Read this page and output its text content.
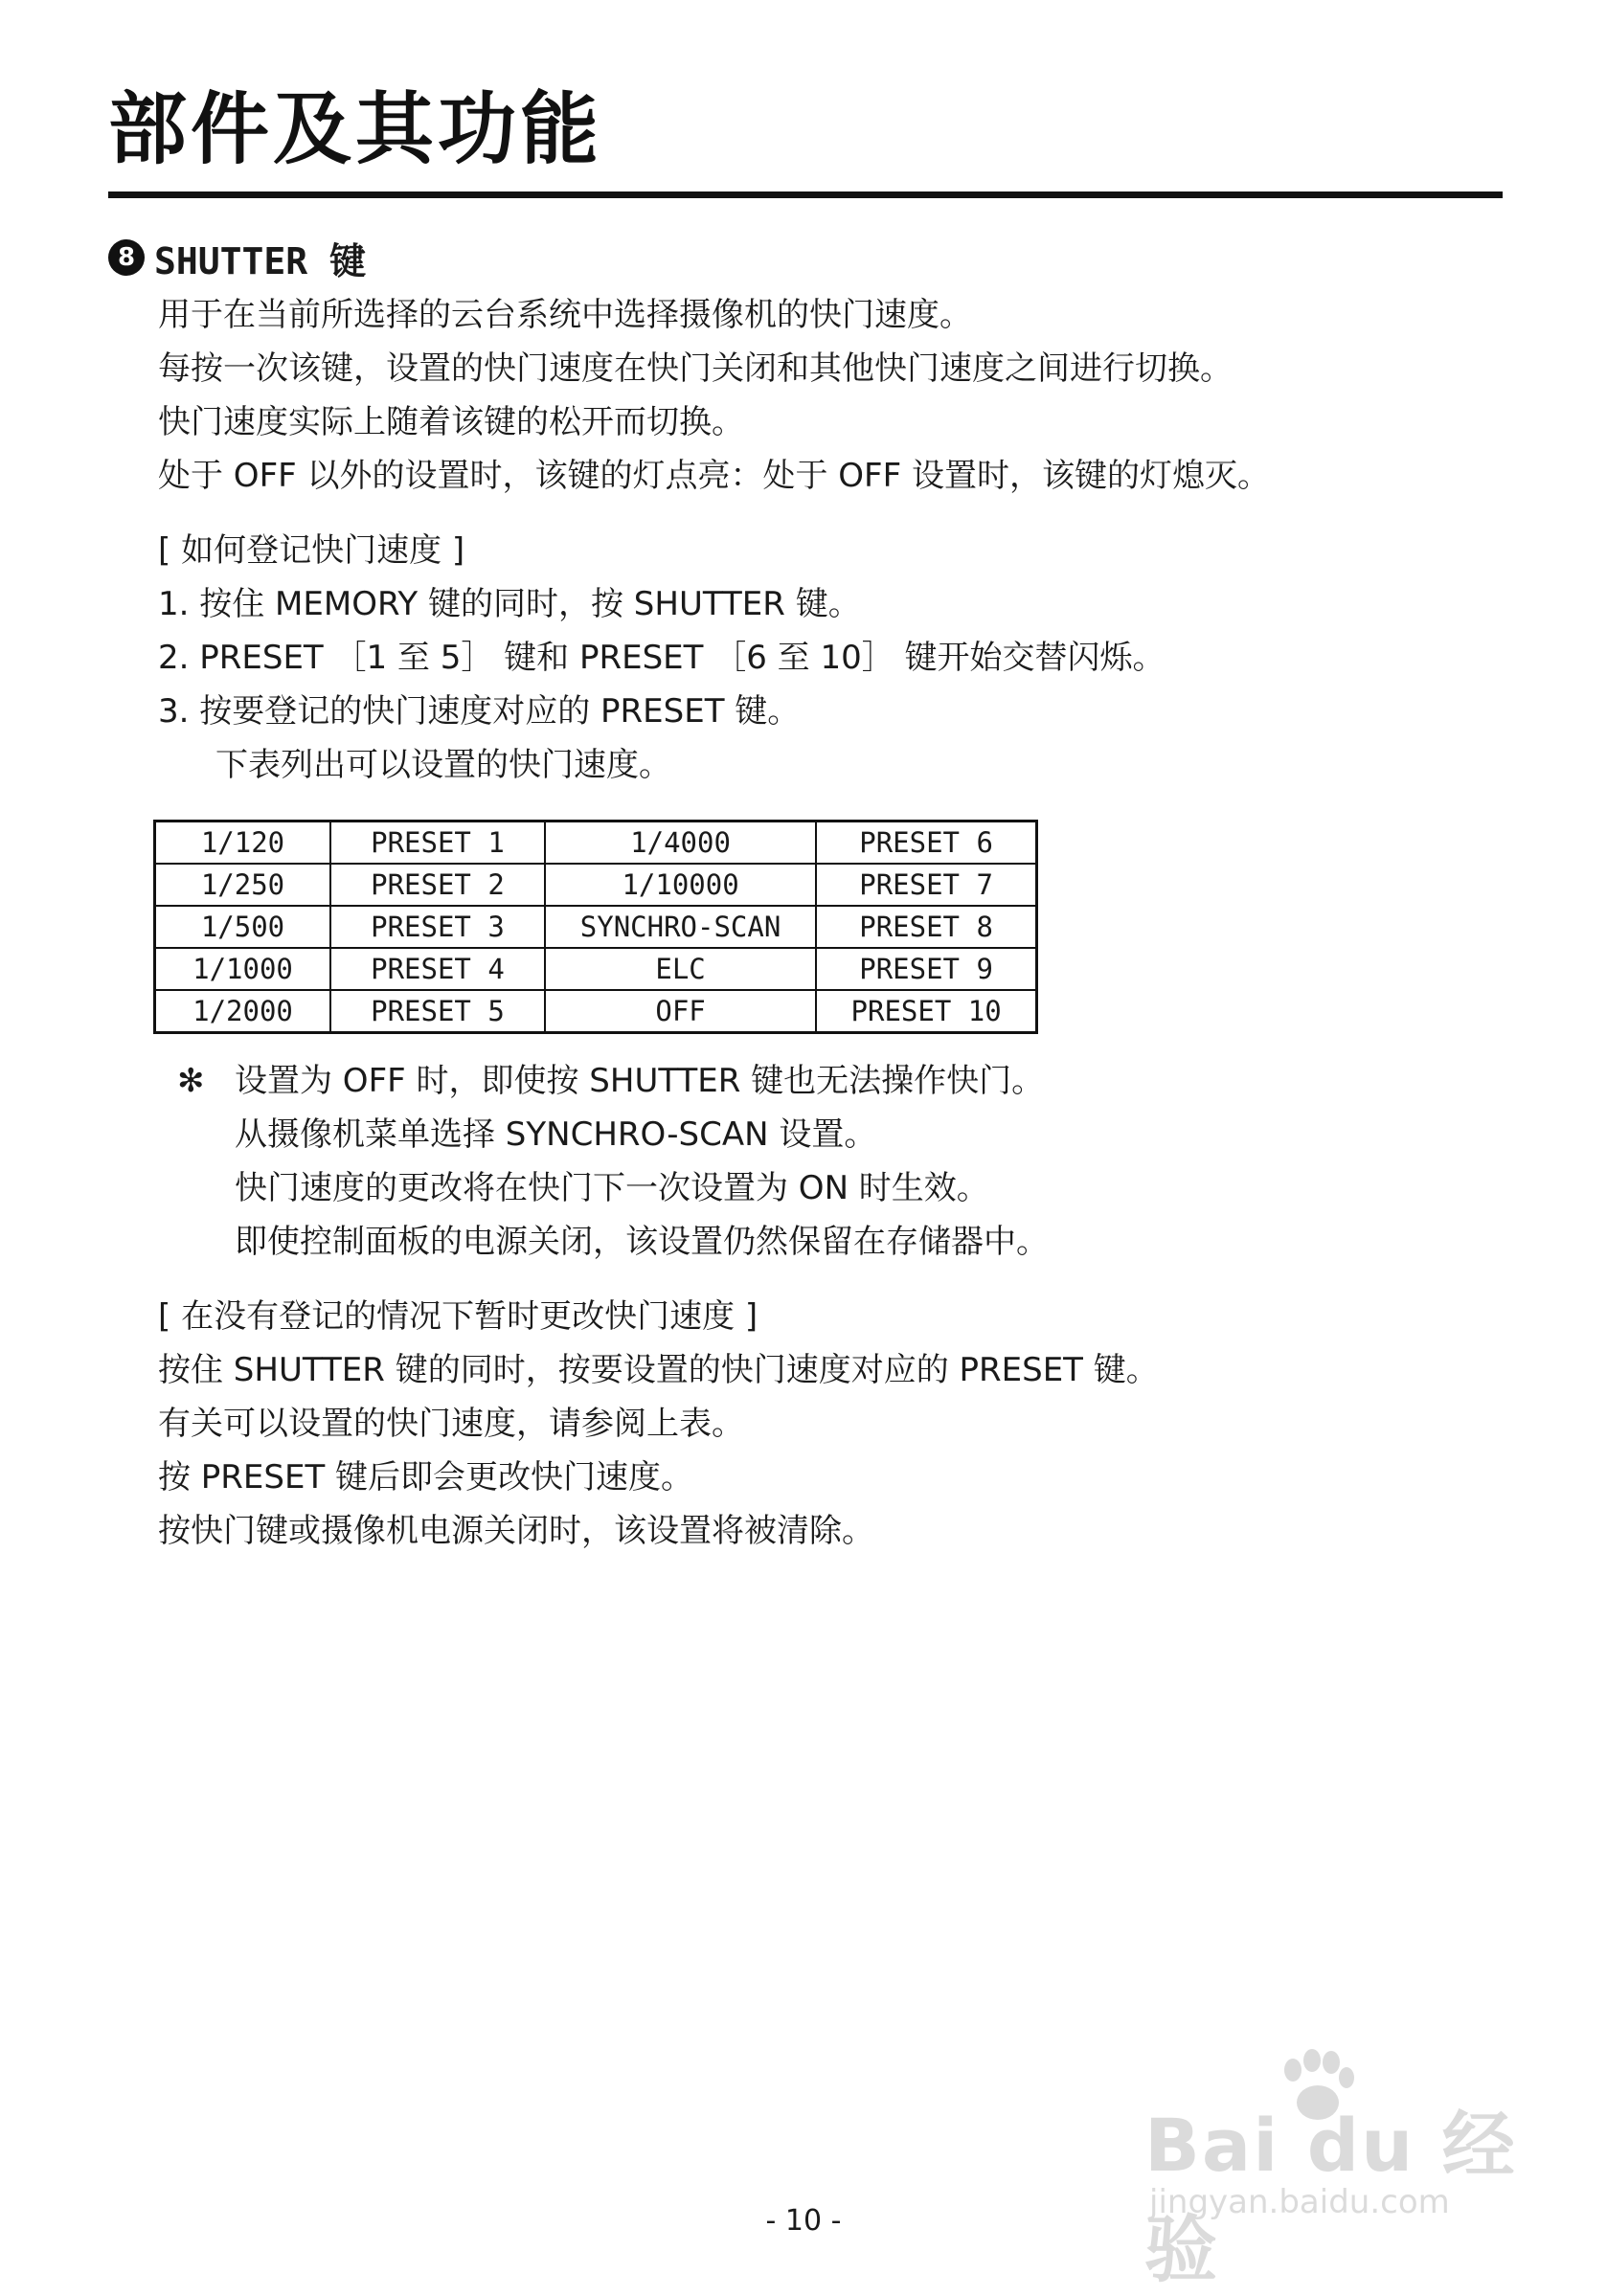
部件及其功能
8 SHUTTER 键

用于在当前所选择的云台系统中选择摄像机的快门速度。

每按一次该键，设置的快门速度在快门关闭和其他快门速度之间进行切换。

快门速度实际上随着该键的松开而切换。

处于 OFF 以外的设置时，该键的灯点亮：处于 OFF 设置时，该键的灯熄灭。

[ 如何登记快门速度 ]

1. 按住 MEMORY 键的同时，按 SHUTTER 键。

2. PRESET ［1 至 5］ 键和 PRESET ［6 至 10］ 键开始交替闪烁。

3. 按要登记的快门速度对应的 PRESET 键。

下表列出可以设置的快门速度。

1/120	PRESET 1	1/4000	PRESET 6
1/250	PRESET 2	1/10000	PRESET 7
1/500	PRESET 3	SYNCHRO-SCAN	PRESET 8
1/1000	PRESET 4	ELC	PRESET 9
1/2000	PRESET 5	OFF	PRESET 10
✻ 设置为 OFF 时，即使按 SHUTTER 键也无法操作快门。

从摄像机菜单选择 SYNCHRO-SCAN 设置。

快门速度的更改将在快门下一次设置为 ON 时生效。

即使控制面板的电源关闭，该设置仍然保留在存储器中。

[ 在没有登记的情况下暂时更改快门速度 ]

按住 SHUTTER 键的同时，按要设置的快门速度对应的 PRESET 键。

有关可以设置的快门速度，请参阅上表。

按 PRESET 键后即会更改快门速度。

按快门键或摄像机电源关闭时，该设置将被清除。

Bai du 经验
jingyan.baidu.com
- 10 -
